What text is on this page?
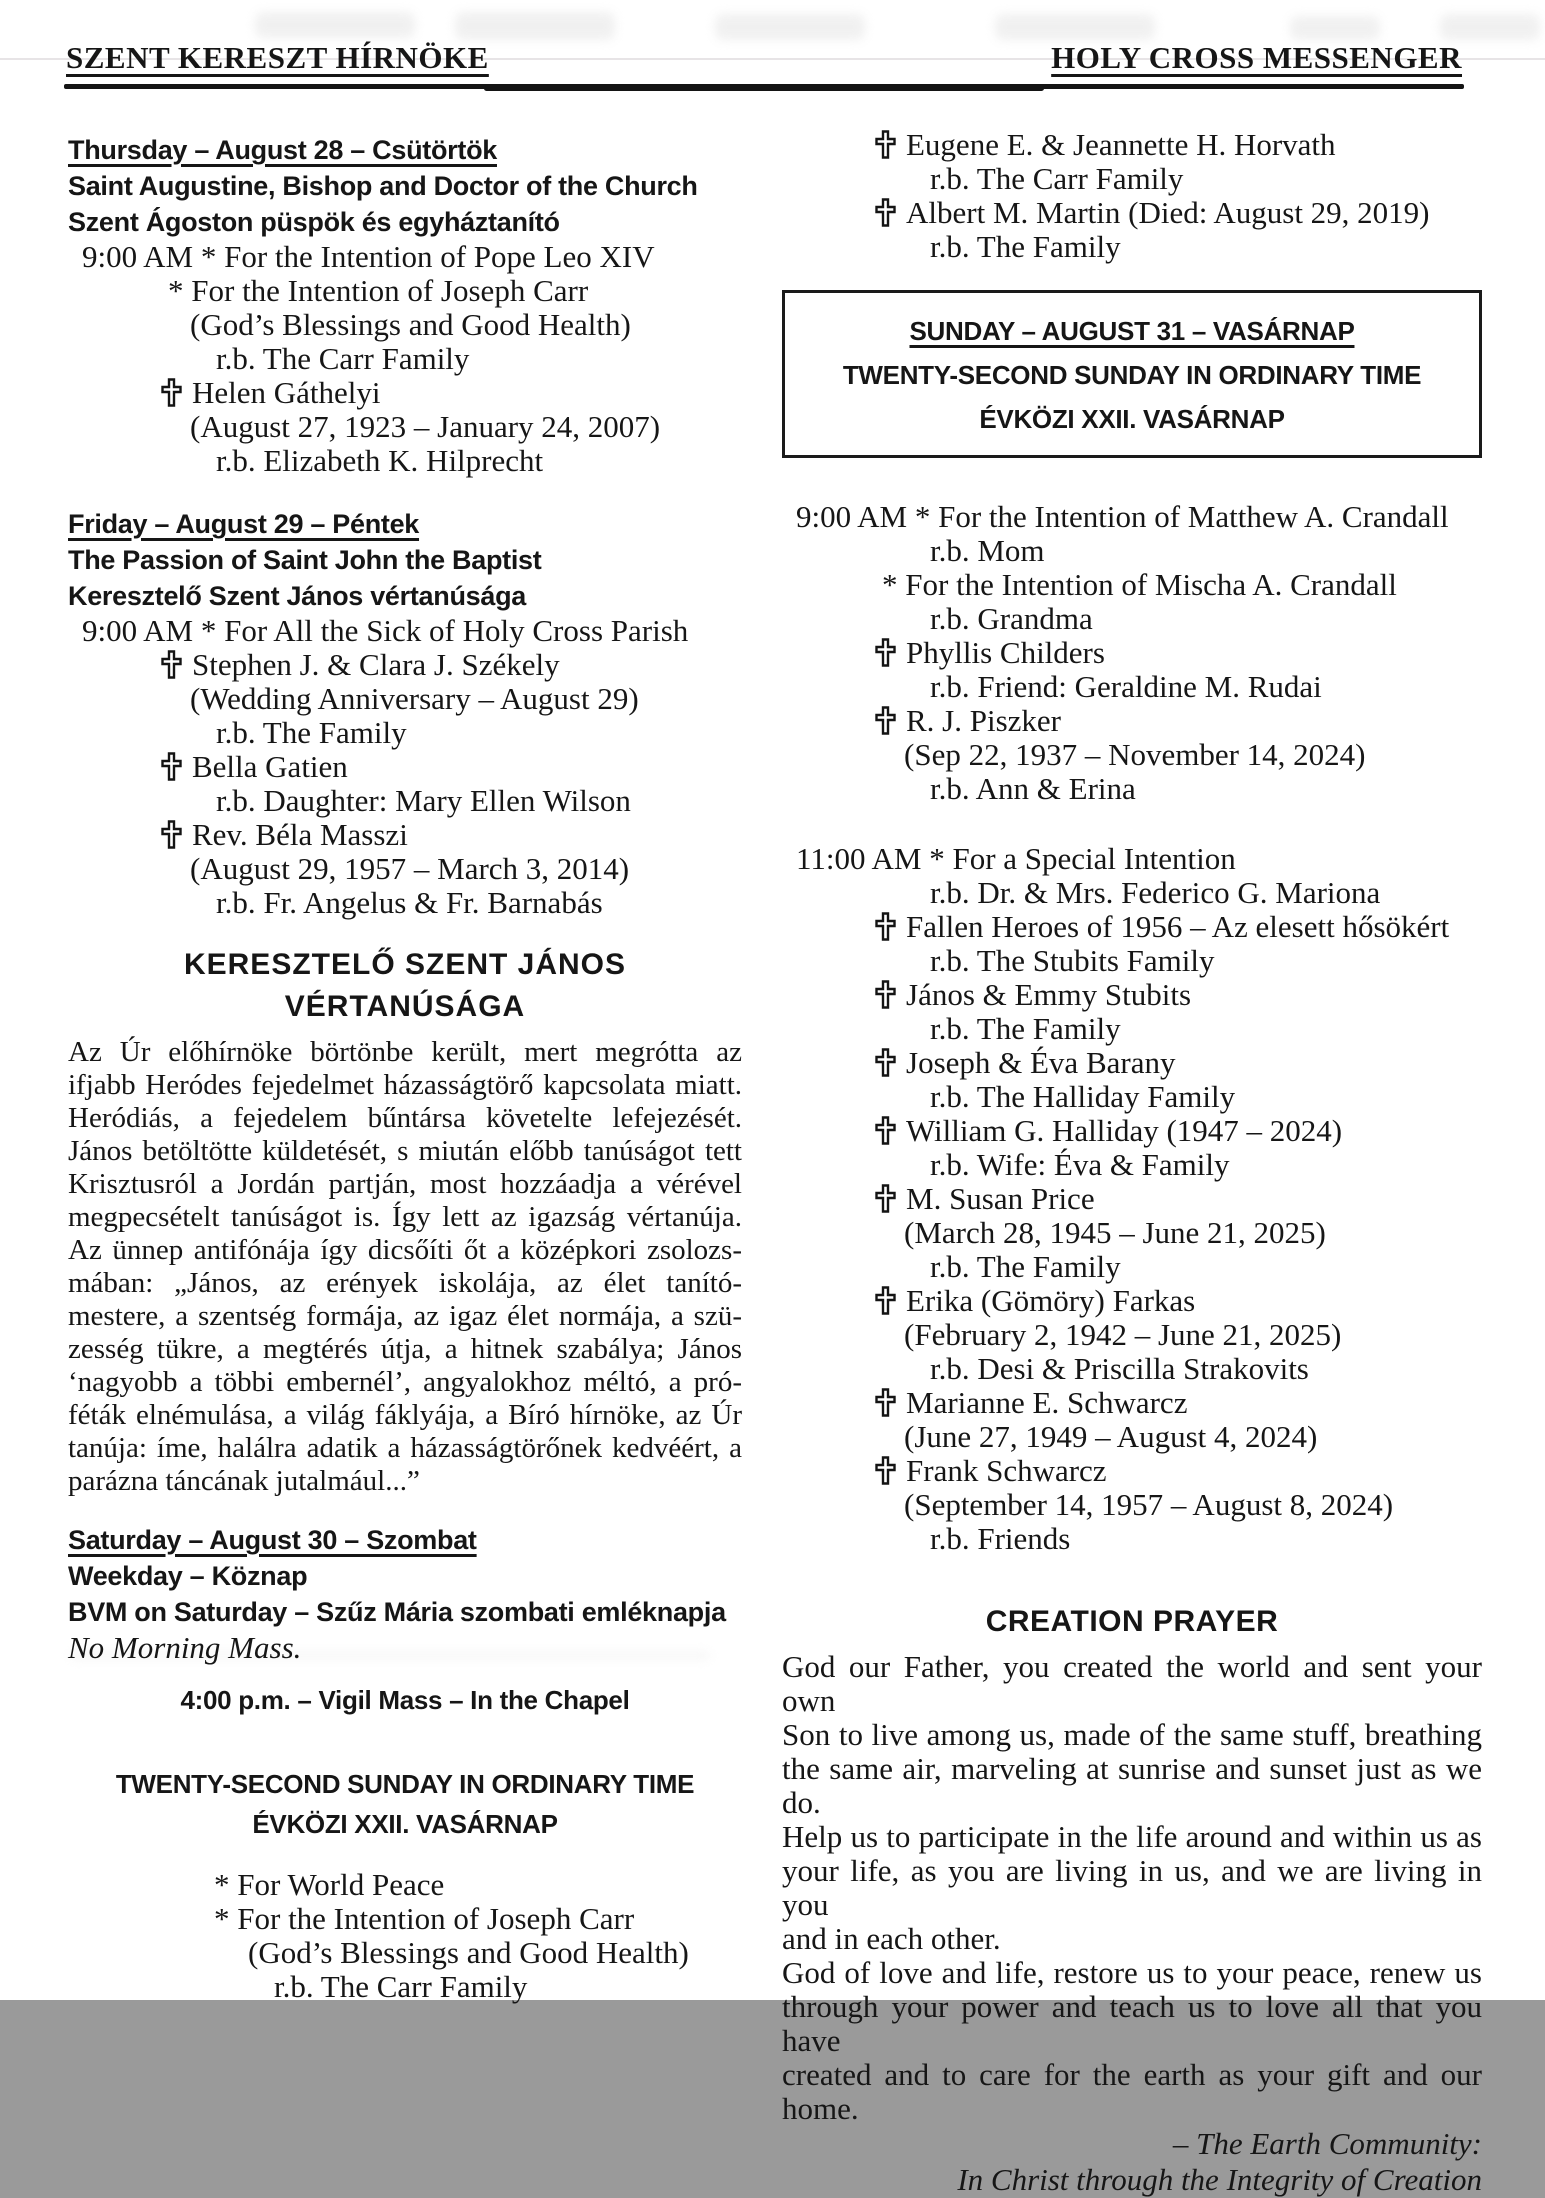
SZENT KERESZT HÍRNÖKE	HOLY CROSS MESSENGER
Thursday – August 28 – Csütörtök
Saint Augustine, Bishop and Doctor of the Church
Szent Ágoston püspök és egyháztanító
9:00 AM * For the Intention of Pope Leo XIV
* For the Intention of Joseph Carr
(God’s Blessings and Good Health)
r.b. The Carr Family
Helen Gáthelyi
(August 27, 1923 – January 24, 2007)
r.b. Elizabeth K. Hilprecht
Friday – August 29 – Péntek
The Passion of Saint John the Baptist
Keresztelő Szent János vértanúsága
9:00 AM * For All the Sick of Holy Cross Parish
Stephen J. & Clara J. Székely
(Wedding Anniversary – August 29)
r.b. The Family
Bella Gatien
r.b. Daughter: Mary Ellen Wilson
Rev. Béla Masszi
(August 29, 1957 – March 3, 2014)
r.b. Fr. Angelus & Fr. Barnabás
KERESZTELŐ SZENT JÁNOS
VÉRTANÚSÁGA
Az Úr előhírnöke börtönbe került, mert megrótta az
ifjabb Heródes fejedelmet házasságtörő kapcsolata miatt.
Heródiás, a fejedelem bűntársa követelte lefejezését.
János betöltötte küldetését, s miután előbb tanúságot tett
Krisztusról a Jordán partján, most hozzáadja a vérével
megpecsételt tanúságot is. Így lett az igazság vértanúja.
Az ünnep antifónája így dicsőíti őt a középkori zsolozs-
mában: „János, az erények iskolája, az élet tanító-
mestere, a szentség formája, az igaz élet normája, a szü-
zesség tükre, a megtérés útja, a hitnek szabálya; János
‘nagyobb a többi embernél’, angyalokhoz méltó, a pró-
féták elnémulása, a világ fáklyája, a Bíró hírnöke, az Úr
tanúja: íme, halálra adatik a házasságtörőnek kedvéért, a
parázna táncának jutalmául...”
Saturday – August 30 – Szombat
Weekday – Köznap
BVM on Saturday – Szűz Mária szombati emléknapja
No Morning Mass.
4:00 p.m. – Vigil Mass – In the Chapel
TWENTY-SECOND SUNDAY IN ORDINARY TIME
ÉVKÖZI XXII. VASÁRNAP
* For World Peace
* For the Intention of Joseph Carr
(God’s Blessings and Good Health)
r.b. The Carr Family
Eugene E. & Jeannette H. Horvath
r.b. The Carr Family
Albert M. Martin (Died: August 29, 2019)
r.b. The Family
SUNDAY – AUGUST 31 – VASÁRNAP
TWENTY-SECOND SUNDAY IN ORDINARY TIME
ÉVKÖZI XXII. VASÁRNAP
9:00 AM * For the Intention of Matthew A. Crandall
r.b. Mom
* For the Intention of Mischa A. Crandall
r.b. Grandma
Phyllis Childers
r.b. Friend: Geraldine M. Rudai
R. J. Piszker
(Sep 22, 1937 – November 14, 2024)
r.b. Ann & Erina
11:00 AM * For a Special Intention
r.b. Dr. & Mrs. Federico G. Mariona
Fallen Heroes of 1956 – Az elesett hősökért
r.b. The Stubits Family
János & Emmy Stubits
r.b. The Family
Joseph & Éva Barany
r.b. The Halliday Family
William G. Halliday (1947 – 2024)
r.b. Wife: Éva & Family
M. Susan Price
(March 28, 1945 – June 21, 2025)
r.b. The Family
Erika (Gömöry) Farkas
(February 2, 1942 – June 21, 2025)
r.b. Desi & Priscilla Strakovits
Marianne E. Schwarcz
(June 27, 1949 – August 4, 2024)
Frank Schwarcz
(September 14, 1957 – August 8, 2024)
r.b. Friends
CREATION PRAYER
God our Father, you created the world and sent your own
Son to live among us, made of the same stuff, breathing
the same air, marveling at sunrise and sunset just as we do.
Help us to participate in the life around and within us as
your life, as you are living in us, and we are living in you
and in each other.
God of love and life, restore us to your peace, renew us
through your power and teach us to love all that you have
created and to care for the earth as your gift and our home.
– The Earth Community:
In Christ through the Integrity of Creation
